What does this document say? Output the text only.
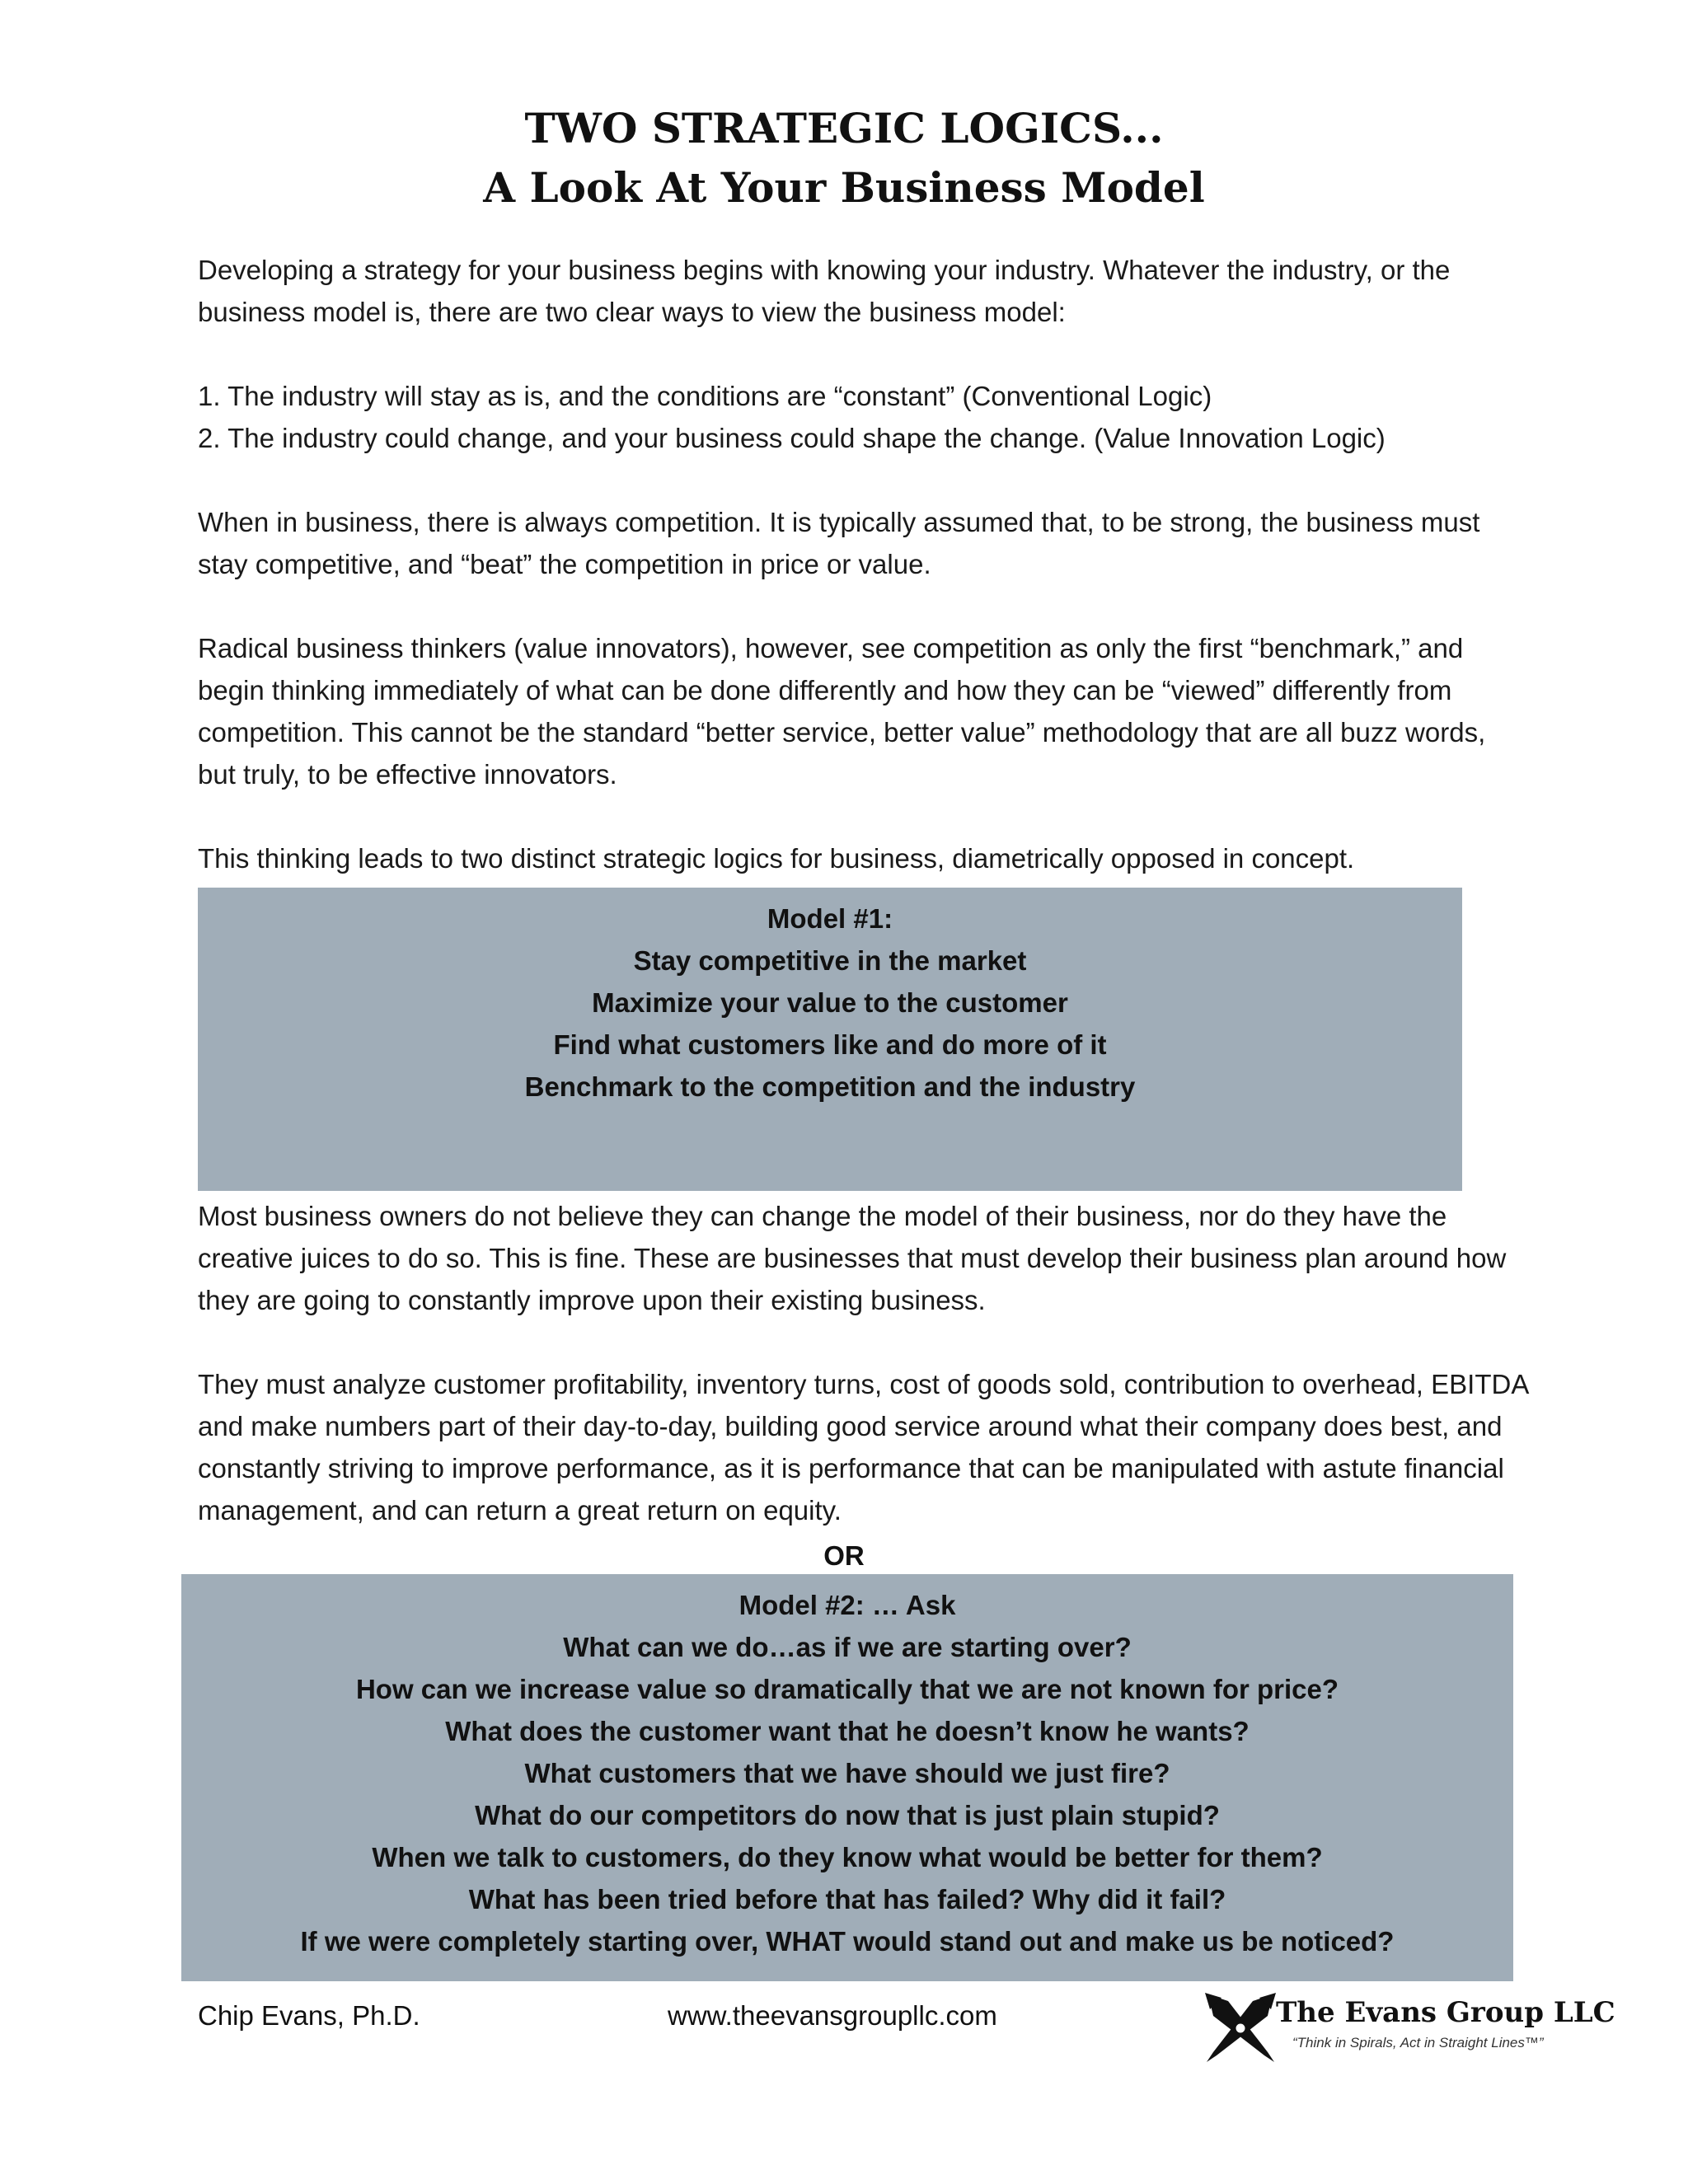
TWO STRATEGIC LOGICS...
A Look At Your Business Model

Developing a strategy for your business begins with knowing your industry. Whatever the industry, or the business model is, there are two clear ways to view the business model:

1. The industry will stay as is, and the conditions are “constant” (Conventional Logic)

2. The industry could change, and your business could shape the change. (Value Innovation Logic)

When in business, there is always competition. It is typically assumed that, to be strong, the business must stay competitive, and “beat” the competition in price or value.

Radical business thinkers (value innovators), however, see competition as only the first “benchmark,” and begin thinking immediately of what can be done differently and how they can be “viewed” differently from competition. This cannot be the standard “better service, better value” methodology that are all buzz words, but truly, to be effective innovators.

This thinking leads to two distinct strategic logics for business, diametrically opposed in concept.

Model #1:
Stay competitive in the market
Maximize your value to the customer
Find what customers like and do more of it
Benchmark to the competition and the industry

Most business owners do not believe they can change the model of their business, nor do they have the creative juices to do so. This is fine. These are businesses that must develop their business plan around how they are going to constantly improve upon their existing business.

They must analyze customer profitability, inventory turns, cost of goods sold, contribution to overhead, EBITDA and make numbers part of their day-to-day, building good service around what their company does best, and constantly striving to improve performance, as it is performance that can be manipulated with astute financial management, and can return a great return on equity.

OR
Model #2: … Ask
What can we do…as if we are starting over?
How can we increase value so dramatically that we are not known for price?
What does the customer want that he doesn’t know he wants?
What customers that we have should we just fire?
What do our competitors do now that is just plain stupid?
When we talk to customers, do they know what would be better for them?
What has been tried before that has failed? Why did it fail?
If we were completely starting over, WHAT would stand out and make us be noticed?
Chip Evans, Ph.D.	www.theevansgroupllc.com	The Evans Group LLC
“Think in Spirals, Act in Straight Lines™”
